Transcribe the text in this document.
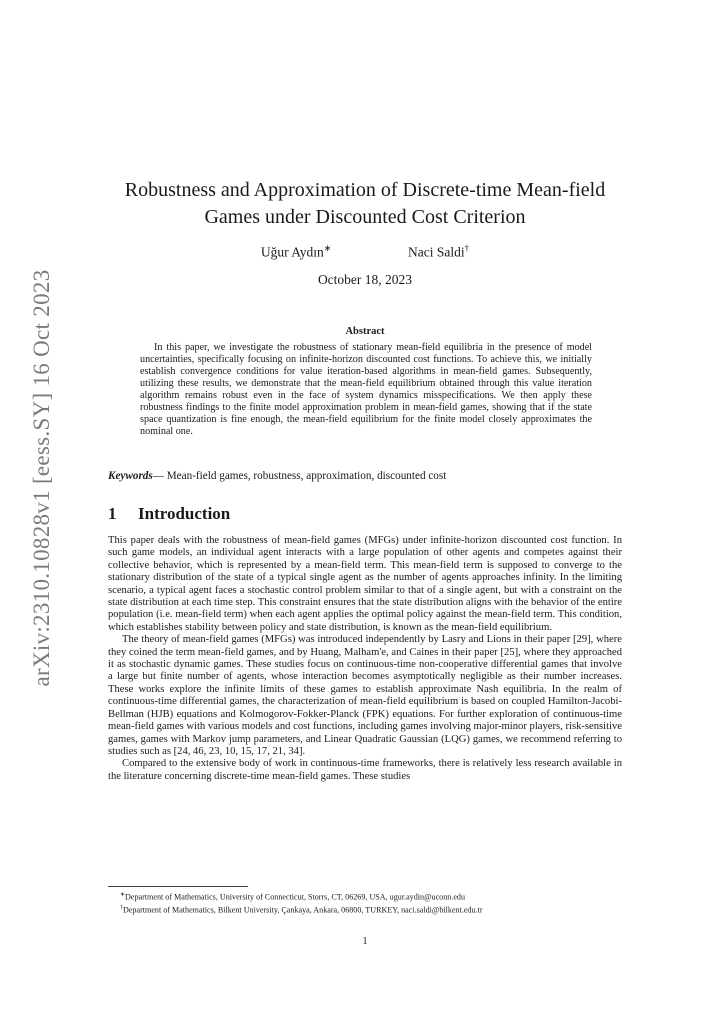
arXiv:2310.10828v1 [eess.SY] 16 Oct 2023
Robustness and Approximation of Discrete-time Mean-field Games under Discounted Cost Criterion
Uğur Aydın∗	Naci Saldi†
October 18, 2023
Abstract
In this paper, we investigate the robustness of stationary mean-field equilibria in the presence of model uncertainties, specifically focusing on infinite-horizon discounted cost functions. To achieve this, we initially establish convergence conditions for value iteration-based algorithms in mean-field games. Subsequently, utilizing these results, we demonstrate that the mean-field equilibrium obtained through this value iteration algorithm remains robust even in the face of system dynamics misspecifications. We then apply these robustness findings to the finite model approximation problem in mean-field games, showing that if the state space quantization is fine enough, the mean-field equilibrium for the finite model closely approximates the nominal one.
Keywords— Mean-field games, robustness, approximation, discounted cost
1 Introduction

This paper deals with the robustness of mean-field games (MFGs) under infinite-horizon discounted cost function. In such game models, an individual agent interacts with a large population of other agents and competes against their collective behavior, which is represented by a mean-field term. This mean-field term is supposed to converge to the stationary distribution of the state of a typical single agent as the number of agents approaches infinity. In the limiting scenario, a typical agent faces a stochastic control problem similar to that of a single agent, but with a constraint on the state distribution at each time step. This constraint ensures that the state distribution aligns with the behavior of the entire population (i.e. mean-field term) when each agent applies the optimal policy against the mean-field term. This condition, which establishes stability between policy and state distribution, is known as the mean-field equilibrium.

The theory of mean-field games (MFGs) was introduced independently by Lasry and Lions in their paper [29], where they coined the term mean-field games, and by Huang, Malham'e, and Caines in their paper [25], where they approached it as stochastic dynamic games. These studies focus on continuous-time non-cooperative differential games that involve a large but finite number of agents, whose interaction becomes asymptotically negligible as their number increases. These works explore the infinite limits of these games to establish approximate Nash equilibria. In the realm of continuous-time differential games, the characterization of mean-field equilibrium is based on coupled Hamilton-Jacobi-Bellman (HJB) equations and Kolmogorov-Fokker-Planck (FPK) equations. For further exploration of continuous-time mean-field games with various models and cost functions, including games involving major-minor players, risk-sensitive games, games with Markov jump parameters, and Linear Quadratic Gaussian (LQG) games, we recommend referring to studies such as [24, 46, 23, 10, 15, 17, 21, 34].

Compared to the extensive body of work in continuous-time frameworks, there is relatively less research available in the literature concerning discrete-time mean-field games. These studies

∗Department of Mathematics, University of Connecticut, Storrs, CT, 06269, USA, ugur.aydin@uconn.edu
†Department of Mathematics, Bilkent University, Çankaya, Ankara, 06800, TURKEY, naci.saldi@bilkent.edu.tr
1
